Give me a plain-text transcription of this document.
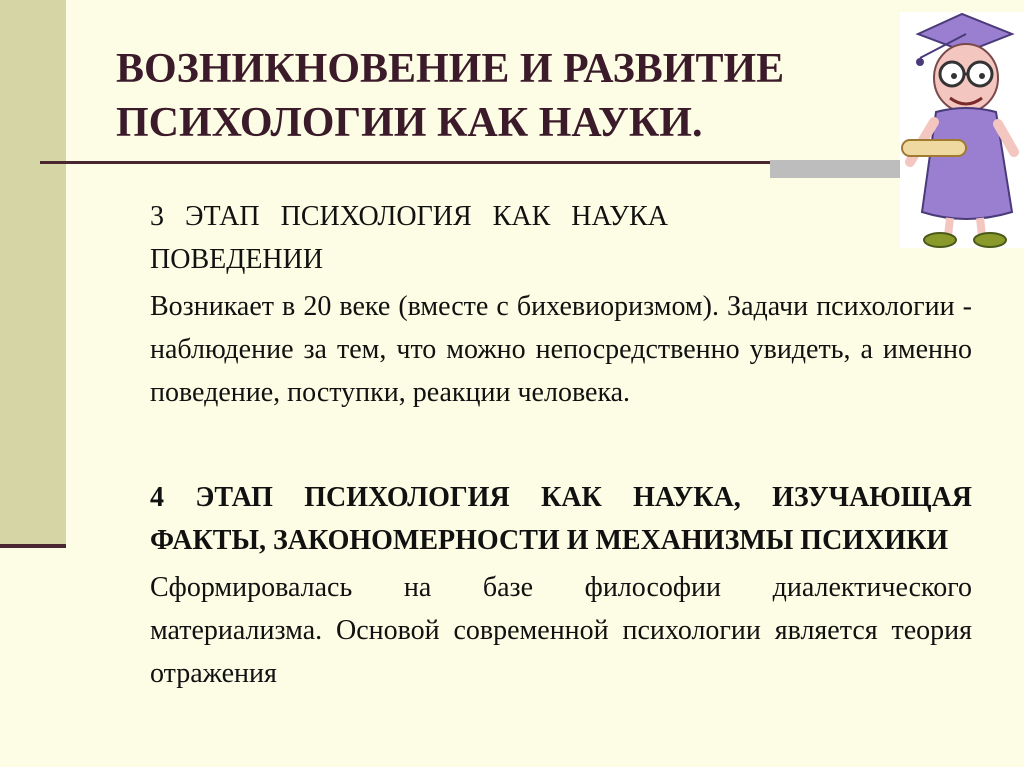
ВОЗНИКНОВЕНИЕ И РАЗВИТИЕ
ПСИХОЛОГИИ КАК НАУКИ.

3   ЭТАП   ПСИХОЛОГИЯ   КАК   НАУКА
ПОВЕДЕНИИ

Возникает в 20 веке (вместе с бихевиоризмом). Задачи психологии - наблюдение за тем, что можно непосредственно увидеть, а именно поведение, поступки, реакции человека.

4 ЭТАП ПСИХОЛОГИЯ КАК НАУКА, ИЗУЧАЮЩАЯ ФАКТЫ, ЗАКОНОМЕРНОСТИ И МЕХАНИЗМЫ ПСИХИКИ

Сформировалась на базе философии диалектического материализма. Основой современной психологии является теория отражения
